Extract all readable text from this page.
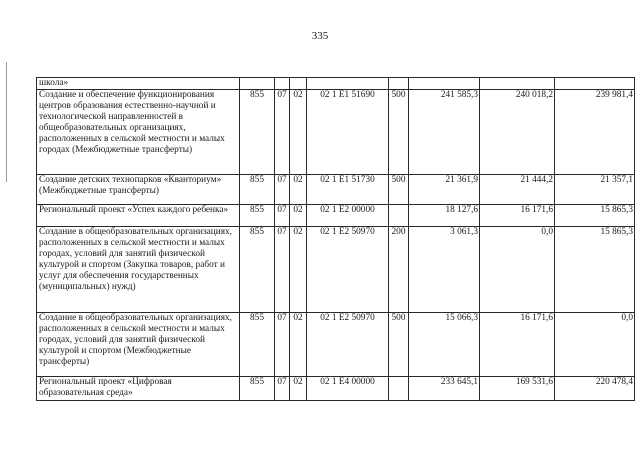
335
школа»								
Создание и обеспечение функционирования центров образования естественно-научной и технологической направленностей в общеобразовательных организациях, расположенных в сельской местности и малых городах (Межбюджетные трансферты)	855	07	02	02 1 E1 51690	500	241 585,3	240 018,2	239 981,4
Создание детских технопарков «Кванториум» (Межбюджетные трансферты)	855	07	02	02 1 E1 51730	500	21 361,9	21 444,2	21 357,1
Региональный проект «Успех каждого ребенка»	855	07	02	02 1 E2 00000		18 127,6	16 171,6	15 865,3
Создание в общеобразовательных организациях, расположенных в сельской местности и малых городах, условий для занятий физической культурой и спортом (Закупка товаров, работ и услуг для обеспечения государственных (муниципальных) нужд)	855	07	02	02 1 E2 50970	200	3 061,3	0,0	15 865,3
Создание в общеобразовательных организациях, расположенных в сельской местности и малых городах, условий для занятий физической культурой и спортом (Межбюджетные трансферты)	855	07	02	02 1 E2 50970	500	15 066,3	16 171,6	0,0
Региональный проект «Цифровая образовательная среда»	855	07	02	02 1 E4 00000		233 645,1	169 531,6	220 478,4
